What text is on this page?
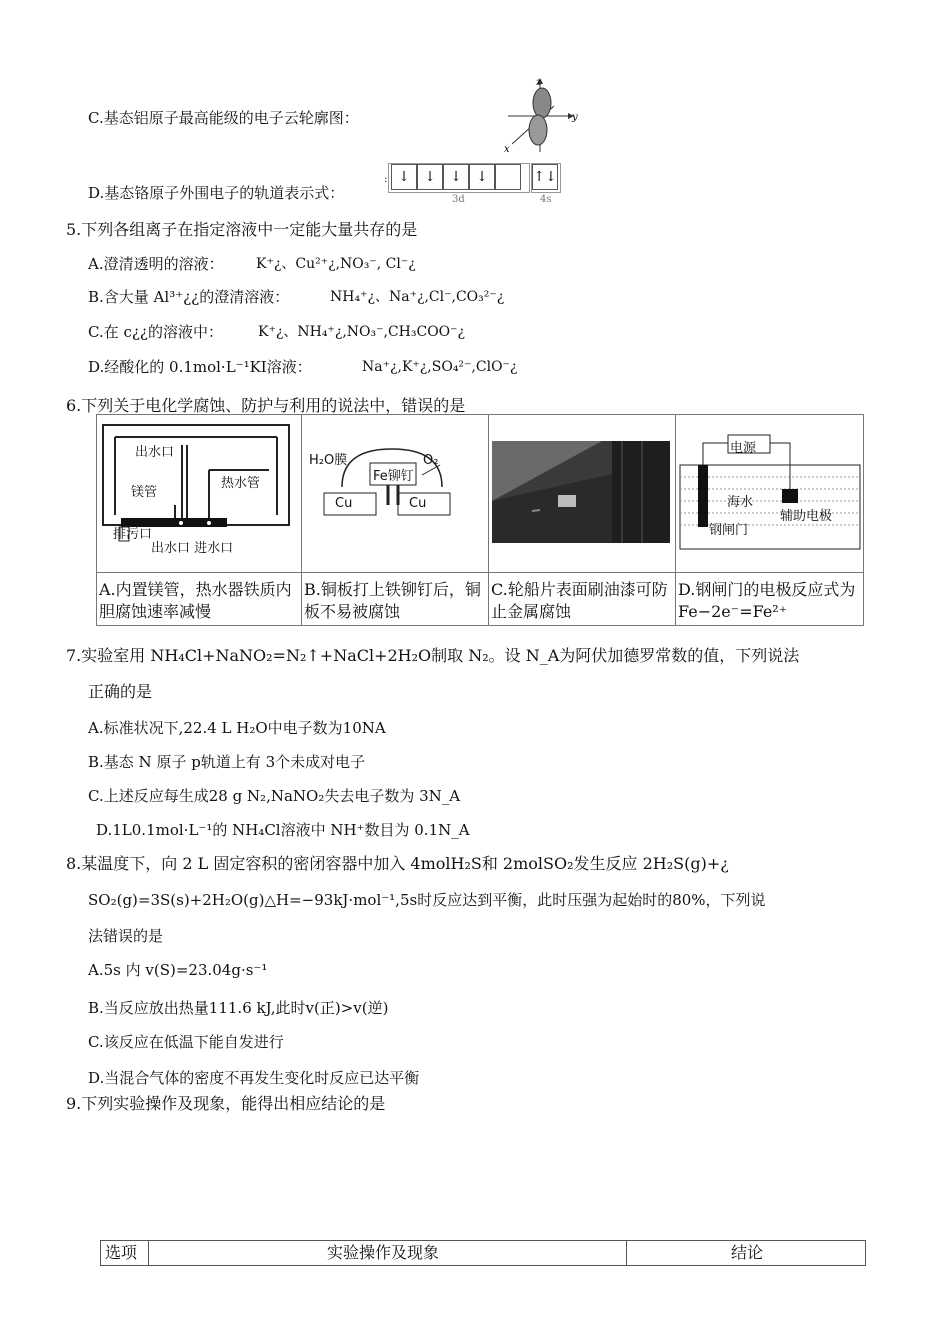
C.基态铝原子最高能级的电子云轮廓图：
z
y
x
D.基态铬原子外围电子的轨道表示式：
: ↓	↓	↓	↓	↑↓
3d	4s
5.下列各组离子在指定溶液中一定能大量共存的是
A.澄清透明的溶液： K⁺¿、Cu²⁺¿,NO₃⁻, Cl⁻¿
B.含大量 Al³⁺¿¿的澄清溶液：	NH₄⁺¿、Na⁺¿,Cl⁻,CO₃²⁻¿
C.在 c¿¿的溶液中：	K⁺¿、NH₄⁺¿,NO₃⁻,CH₃COO⁻¿
D.经酸化的 0.1mol·L⁻¹KI溶液：	Na⁺¿,K⁺¿,SO₄²⁻,ClO⁻¿
6.下列关于电化学腐蚀、防护与利用的说法中，错误的是
出水口
镁管
热水管
排污口
出水口 进水口
H₂O膜
Fe铆钉
O₂
Cu	Cu
电源
海水
辅助电极
钢闸门
A.内置镁管，热水器铁质内胆腐蚀速率减慢
B.铜板打上铁铆钉后，铜板不易被腐蚀
C.轮船片表面刷油漆可防止金属腐蚀
D.钢闸门的电极反应式为 Fe−2e⁻=Fe²⁺
7.实验室用 NH₄Cl+NaNO₂=N₂↑+NaCl+2H₂O制取 N₂。设 N_A为阿伏加德罗常数的值，下列说法
正确的是
A.标准状况下,22.4 L H₂O中电子数为10NA
B.基态 N 原子 p轨道上有 3个未成对电子
C.上述反应每生成28 g N₂,NaNO₂失去电子数为 3N_A
D.1L0.1mol·L⁻¹的 NH₄Cl溶液中 NH⁺数目为 0.1N_A
8.某温度下，向 2 L 固定容积的密闭容器中加入 4molH₂S和 2molSO₂发生反应 2H₂S(g)+¿
SO₂(g)=3S(s)+2H₂O(g)△H=−93kJ·mol⁻¹,5s时反应达到平衡，此时压强为起始时的80%，下列说
法错误的是
A.5s 内 v(S)=23.04g·s⁻¹
B.当反应放出热量111.6 kJ,此时v(正)>v(逆)
C.该反应在低温下能自发进行
D.当混合气体的密度不再发生变化时反应已达平衡
9.下列实验操作及现象，能得出相应结论的是
选项	实验操作及现象	结论
